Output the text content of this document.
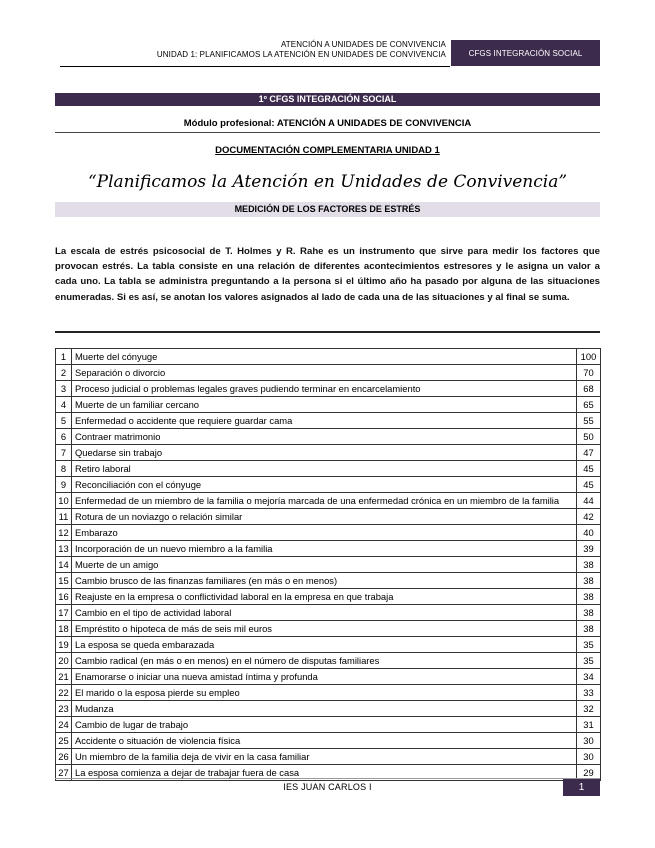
ATENCIÓN A UNIDADES DE CONVIVENCIA
UNIDAD 1: PLANIFICAMOS LA ATENCIÓN EN UNIDADES DE CONVIVENCIA	CFGS INTEGRACIÓN SOCIAL
1º CFGS INTEGRACIÓN SOCIAL
Módulo profesional: ATENCIÓN A UNIDADES DE CONVIVENCIA
DOCUMENTACIÓN COMPLEMENTARIA UNIDAD 1
“Planificamos la Atención en Unidades de Convivencia”
MEDICIÓN DE LOS FACTORES DE ESTRÉS

La escala de estrés psicosocial de T. Holmes y R. Rahe es un instrumento que sirve para medir los factores que provocan estrés. La tabla consiste en una relación de diferentes acontecimientos estresores y le asigna un valor a cada uno. La tabla se administra preguntando a la persona si el último año ha pasado por alguna de las situaciones enumeradas. Si es así, se anotan los valores asignados al lado de cada una de las situaciones y al final se suma.

1	Muerte del cónyuge	100
2	Separación o divorcio	70
3	Proceso judicial o problemas legales graves pudiendo terminar en encarcelamiento	68
4	Muerte de un familiar cercano	65
5	Enfermedad o accidente que requiere guardar cama	55
6	Contraer matrimonio	50
7	Quedarse sin trabajo	47
8	Retiro laboral	45
9	Reconciliación con el cónyuge	45
10	Enfermedad de un miembro de la familia o mejoría marcada de una enfermedad crónica en un miembro de la familia	44
11	Rotura de un noviazgo o relación similar	42
12	Embarazo	40
13	Incorporación de un nuevo miembro a la familia	39
14	Muerte de un amigo	38
15	Cambio brusco de las finanzas familiares (en más o en menos)	38
16	Reajuste en la empresa o conflictividad laboral en la empresa en que trabaja	38
17	Cambio en el tipo de actividad laboral	38
18	Empréstito o hipoteca de más de seis mil euros	38
19	La esposa se queda embarazada	35
20	Cambio radical (en más o en menos) en el número de disputas familiares	35
21	Enamorarse o iniciar una nueva amistad íntima y profunda	34
22	El marido o la esposa pierde su empleo	33
23	Mudanza	32
24	Cambio de lugar de trabajo	31
25	Accidente o situación de violencia física	30
26	Un miembro de la familia deja de vivir en la casa familiar	30
27	La esposa comienza a dejar de trabajar fuera de casa	29
IES JUAN CARLOS I	1
